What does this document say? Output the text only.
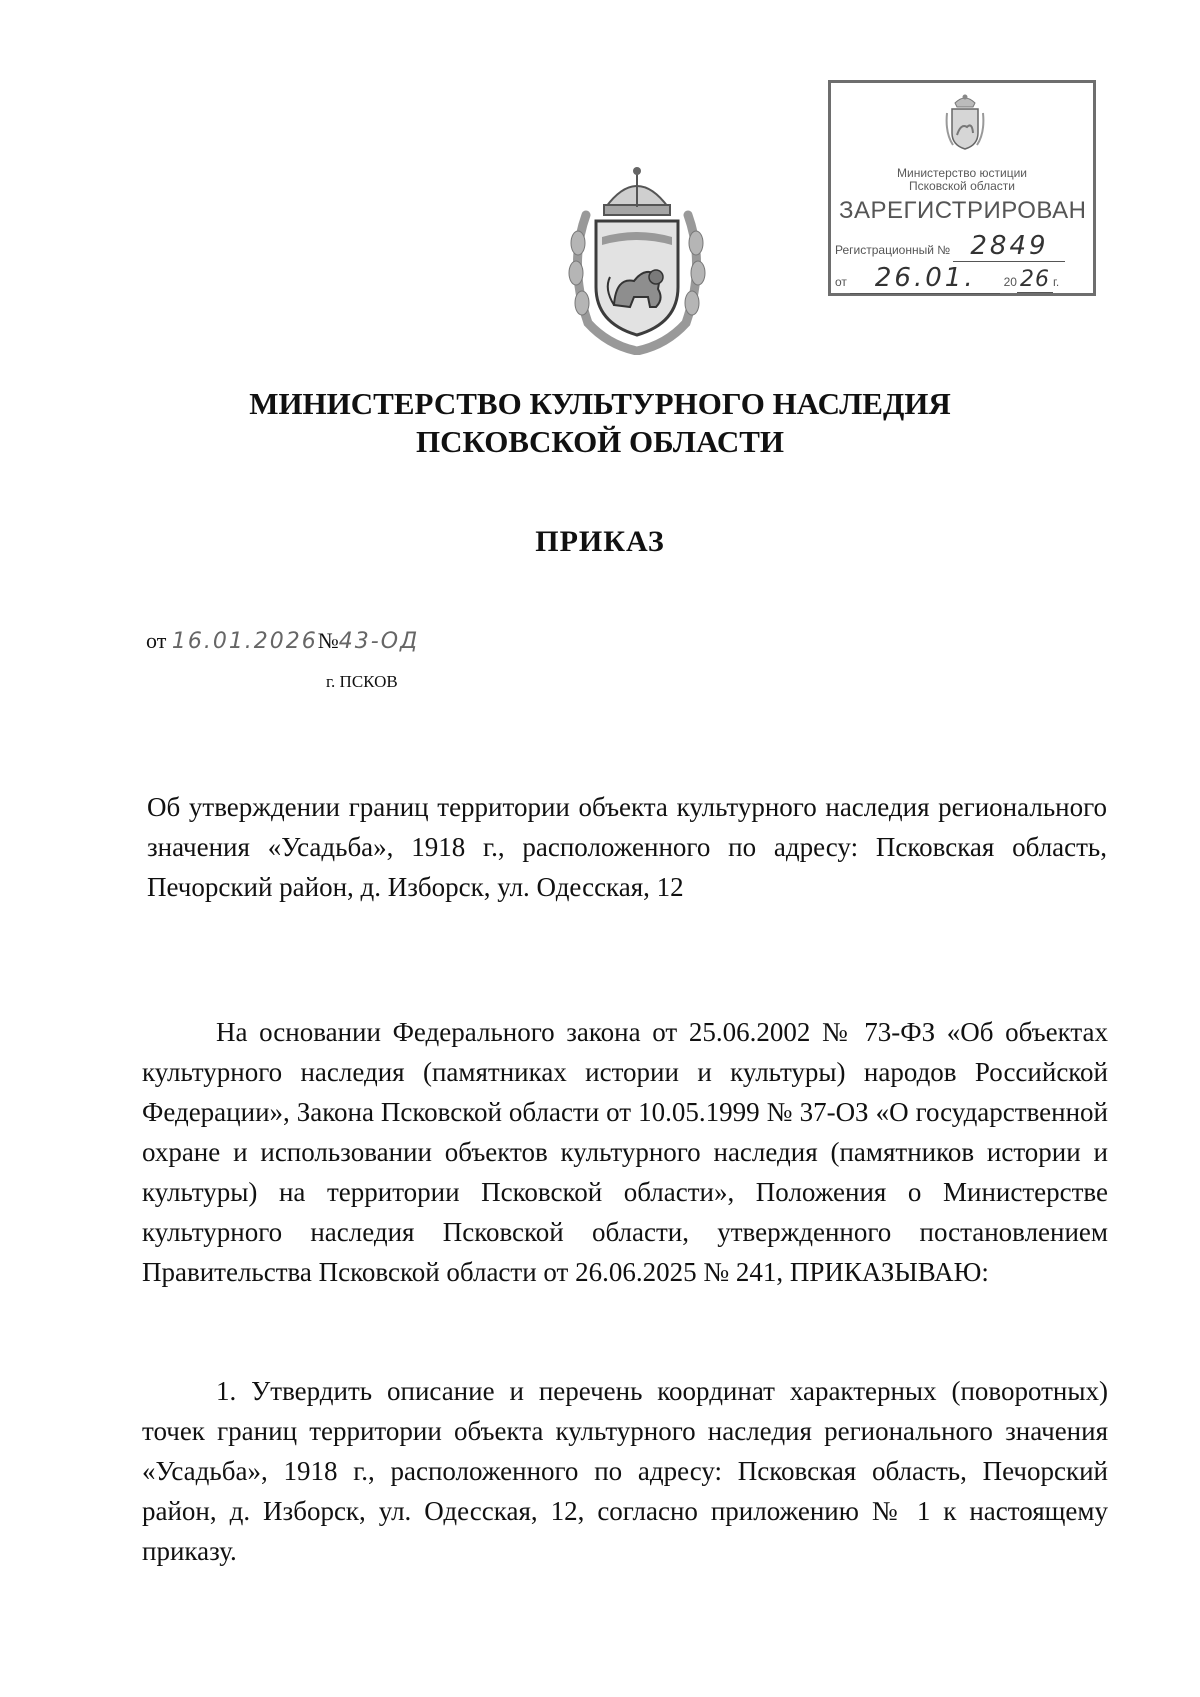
Министерство юстиции
Псковской области
ЗАРЕГИСТРИРОВАН
Регистрационный № 2849
от 26.01. 20 26 г.
МИНИСТЕРСТВО КУЛЬТУРНОГО НАСЛЕДИЯ
ПСКОВСКОЙ ОБЛАСТИ
ПРИКАЗ
от 16.01.2026№43-ОД
г. ПСКОВ
Об утверждении границ территории объекта культурного наследия регионального значения «Усадьба», 1918 г., расположенного по адресу: Псковская область, Печорский район, д. Изборск, ул. Одесская, 12
На основании Федерального закона от 25.06.2002 № 73-ФЗ «Об объектах культурного наследия (памятниках истории и культуры) народов Российской Федерации», Закона Псковской области от 10.05.1999 № 37-ОЗ «О государственной охране и использовании объектов культурного наследия (памятников истории и культуры) на территории Псковской области», Положения о Министерстве культурного наследия Псковской области, утвержденного постановлением Правительства Псковской области от 26.06.2025 № 241, ПРИКАЗЫВАЮ:
1. Утвердить описание и перечень координат характерных (поворотных) точек границ территории объекта культурного наследия регионального значения «Усадьба», 1918 г., расположенного по адресу: Псковская область, Печорский район, д. Изборск, ул. Одесская, 12, согласно приложению № 1 к настоящему приказу.
